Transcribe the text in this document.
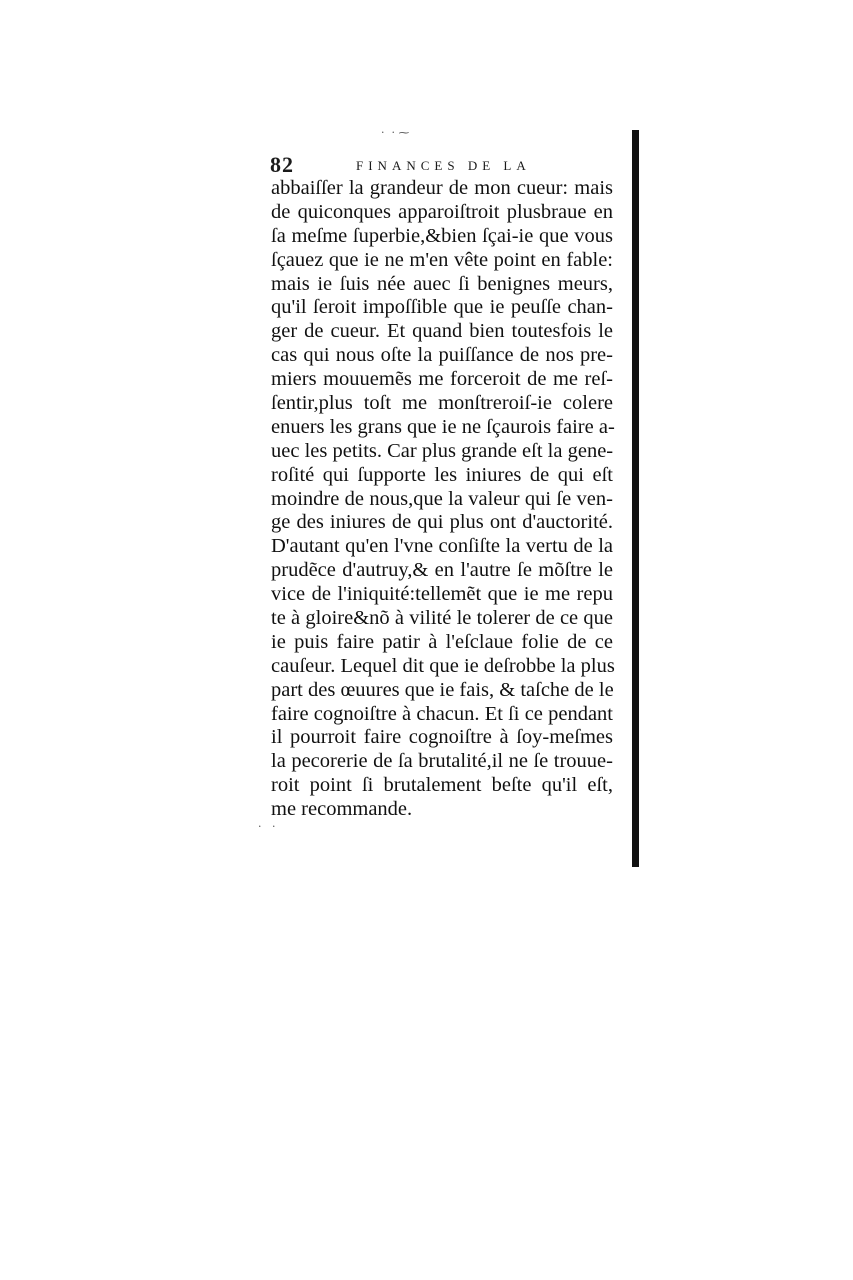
·  · ⁓
·   ·
82	FINANCES DE LA
abbaiſſer la grandeur de mon cueur: mais
de quiconques apparoiſtroit plusbraue en
ſa meſme ſuperbie,&bien ſçai-ie que vous
ſçauez que ie ne m'en vête point en fable:
mais ie ſuis née auec ſi benignes meurs,
qu'il ſeroit impoſſible que ie peuſſe chan-
ger de cueur. Et quand bien toutesfois le
cas qui nous oſte la puiſſance de nos pre-
miers mouuemẽs me forceroit de me reſ-
ſentir,plus toſt me monſtreroiſ-ie colere
enuers les grans que ie ne ſçaurois faire a-
uec les petits. Car plus grande eſt la gene-
roſité qui ſupporte les iniures de qui eſt
moindre de nous,que la valeur qui ſe ven-
ge des iniures de qui plus ont d'auctorité.
D'autant qu'en l'vne conſiſte la vertu de la
prudẽce d'autruy,& en l'autre ſe mõſtre le
vice de l'iniquité:tellemẽt que ie me repu
te à gloire&nõ à vilité le tolerer de ce que
ie puis faire patir à l'eſclaue folie de ce
cauſeur. Lequel dit que ie deſrobbe la plus
part des œuures que ie fais, & taſche de le
faire cognoiſtre à chacun. Et ſi ce pendant
il pourroit faire cognoiſtre à ſoy-meſmes
la pecorerie de ſa brutalité,il ne ſe trouue-
roit point ſi brutalement beſte qu'il eſt,
me recommande.
